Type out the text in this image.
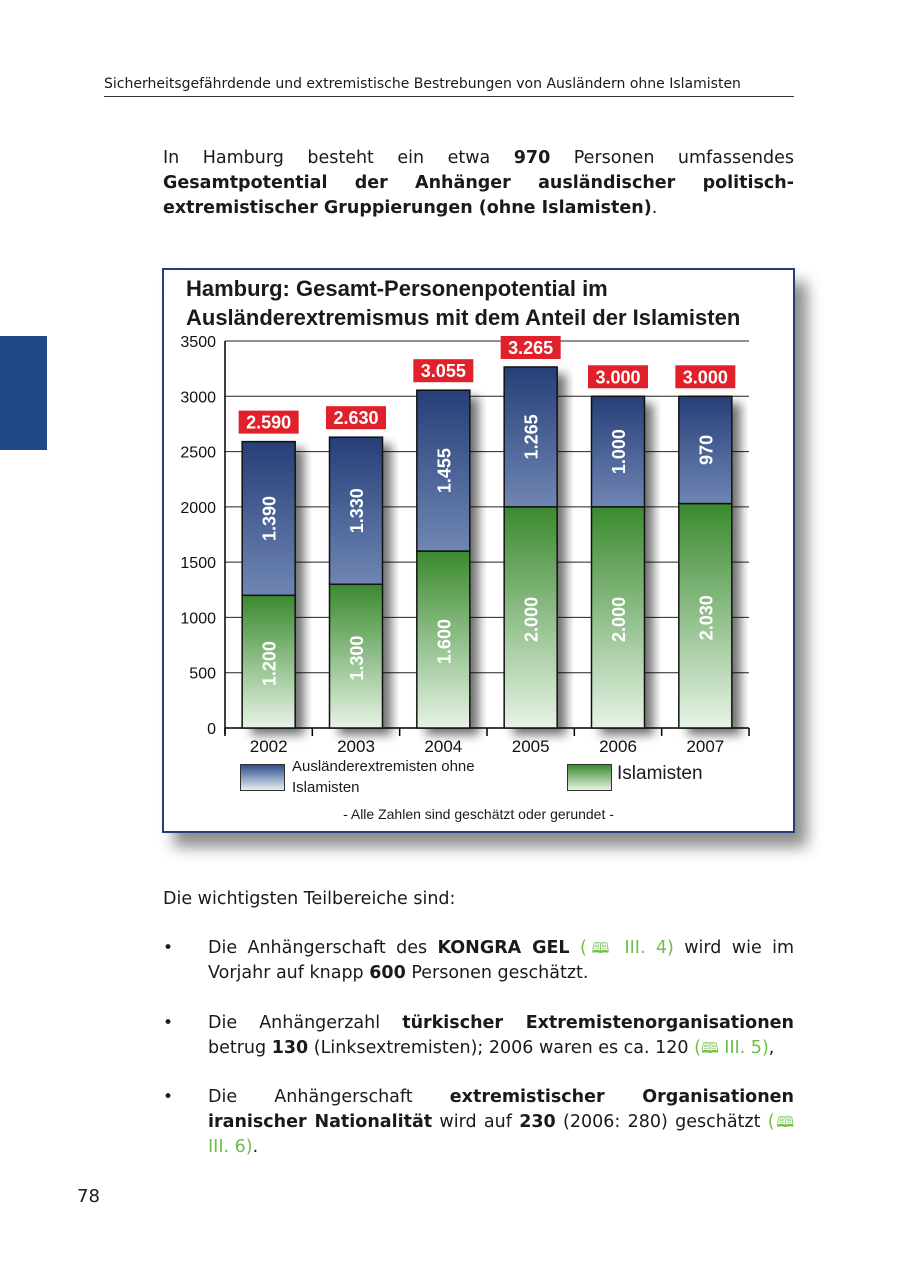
Sicherheitsgefährdende und extremistische Bestrebungen von Ausländern ohne Islamisten

In Hamburg besteht ein etwa 970 Personen umfassendes Gesamtpotential der Anhänger ausländischer politisch-extremistischer Gruppierungen (ohne Islamisten).

Hamburg: Gesamt-Personenpotential im
Ausländerextremismus mit dem Anteil der Islamisten
0
500
1000
1500
2000
2500
3000
3500
1.200
1.390
2.590
2002
1.300
1.330
2.630
2003
1.600
1.455
3.055
2004
2.000
1.265
3.265
2005
2.000
1.000
3.000
2006
2.030
970
3.000
2007
Ausländerextremisten ohne Islamisten
Islamisten
- Alle Zahlen sind geschätzt oder gerundet -

Die wichtigsten Teilbereiche sind:

• Die Anhängerschaft des KONGRA GEL (🕮 III. 4) wird wie im Vorjahr auf knapp 600 Personen geschätzt.

• Die Anhängerzahl türkischer Extremistenorganisationen betrug 130 (Linksextremisten); 2006 waren es ca. 120 (🕮 III. 5),

• Die Anhängerschaft extremistischer Organisationen iranischer Nationalität wird auf 230 (2006: 280) geschätzt (🕮 III. 6).

78
